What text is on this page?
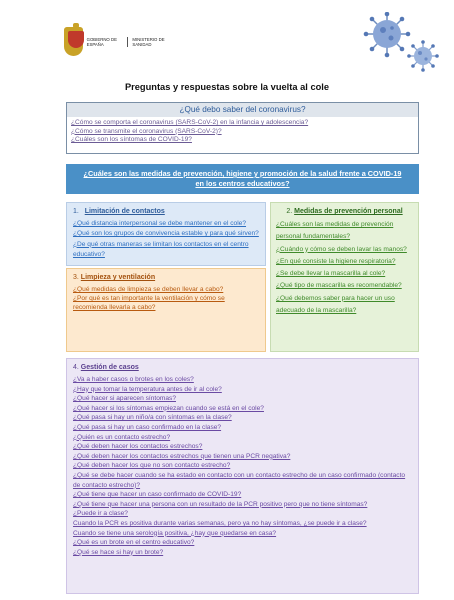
GOBIERNO DE ESPAÑA
MINISTERIO DE SANIDAD
Preguntas y respuestas sobre la vuelta al cole
¿Qué debo saber del coronavirus?
¿Cómo se comporta el coronavirus (SARS-CoV-2) en la infancia y adolescencia?
¿Cómo se transmite el coronavirus (SARS-CoV-2)?
¿Cuáles son los síntomas de COVID-19?
¿Cuáles son las medidas de prevención, higiene y promoción de la salud frente a COVID-19
en los centros educativos?
1. Limitación de contactos
¿Qué distancia interpersonal se debe mantener en el cole?
¿Qué son los grupos de convivencia estable y para qué sirven?
¿De qué otras maneras se limitan los contactos en el centro educativo?
2. Medidas de prevención personal
¿Cuáles son las medidas de prevención personal fundamentales?
¿Cuándo y cómo se deben lavar las manos?
¿En qué consiste la higiene respiratoria?
¿Se debe llevar la mascarilla al cole?
¿Qué tipo de mascarilla es recomendable?
¿Qué debemos saber para hacer un uso adecuado de la mascarilla?
3. Limpieza y ventilación
¿Qué medidas de limpieza se deben llevar a cabo?
¿Por qué es tan importante la ventilación y cómo se recomienda llevarla a cabo?
4. Gestión de casos
¿Va a haber casos o brotes en los coles?
¿Hay que tomar la temperatura antes de ir al cole?
¿Qué hacer si aparecen síntomas?
¿Qué hacer si los síntomas empiezan cuando se está en el cole?
¿Qué pasa si hay un niño/a con síntomas en la clase?
¿Qué pasa si hay un caso confirmado en la clase?
¿Quién es un contacto estrecho?
¿Qué deben hacer los contactos estrechos?
¿Qué deben hacer los contactos estrechos que tienen una PCR negativa?
¿Qué deben hacer los que no son contacto estrecho?
¿Qué se debe hacer cuando se ha estado en contacto con un contacto estrecho de un caso confirmado (contacto de contacto estrecho)?
¿Qué tiene que hacer un caso confirmado de COVID-19?
¿Qué tiene que hacer una persona con un resultado de la PCR positivo pero que no tiene síntomas?
¿Puede ir a clase?
Cuando la PCR es positiva durante varias semanas, pero ya no hay síntomas, ¿se puede ir a clase?
Cuando se tiene una serología positiva, ¿hay que quedarse en casa?
¿Qué es un brote en el centro educativo?
¿Qué se hace si hay un brote?
